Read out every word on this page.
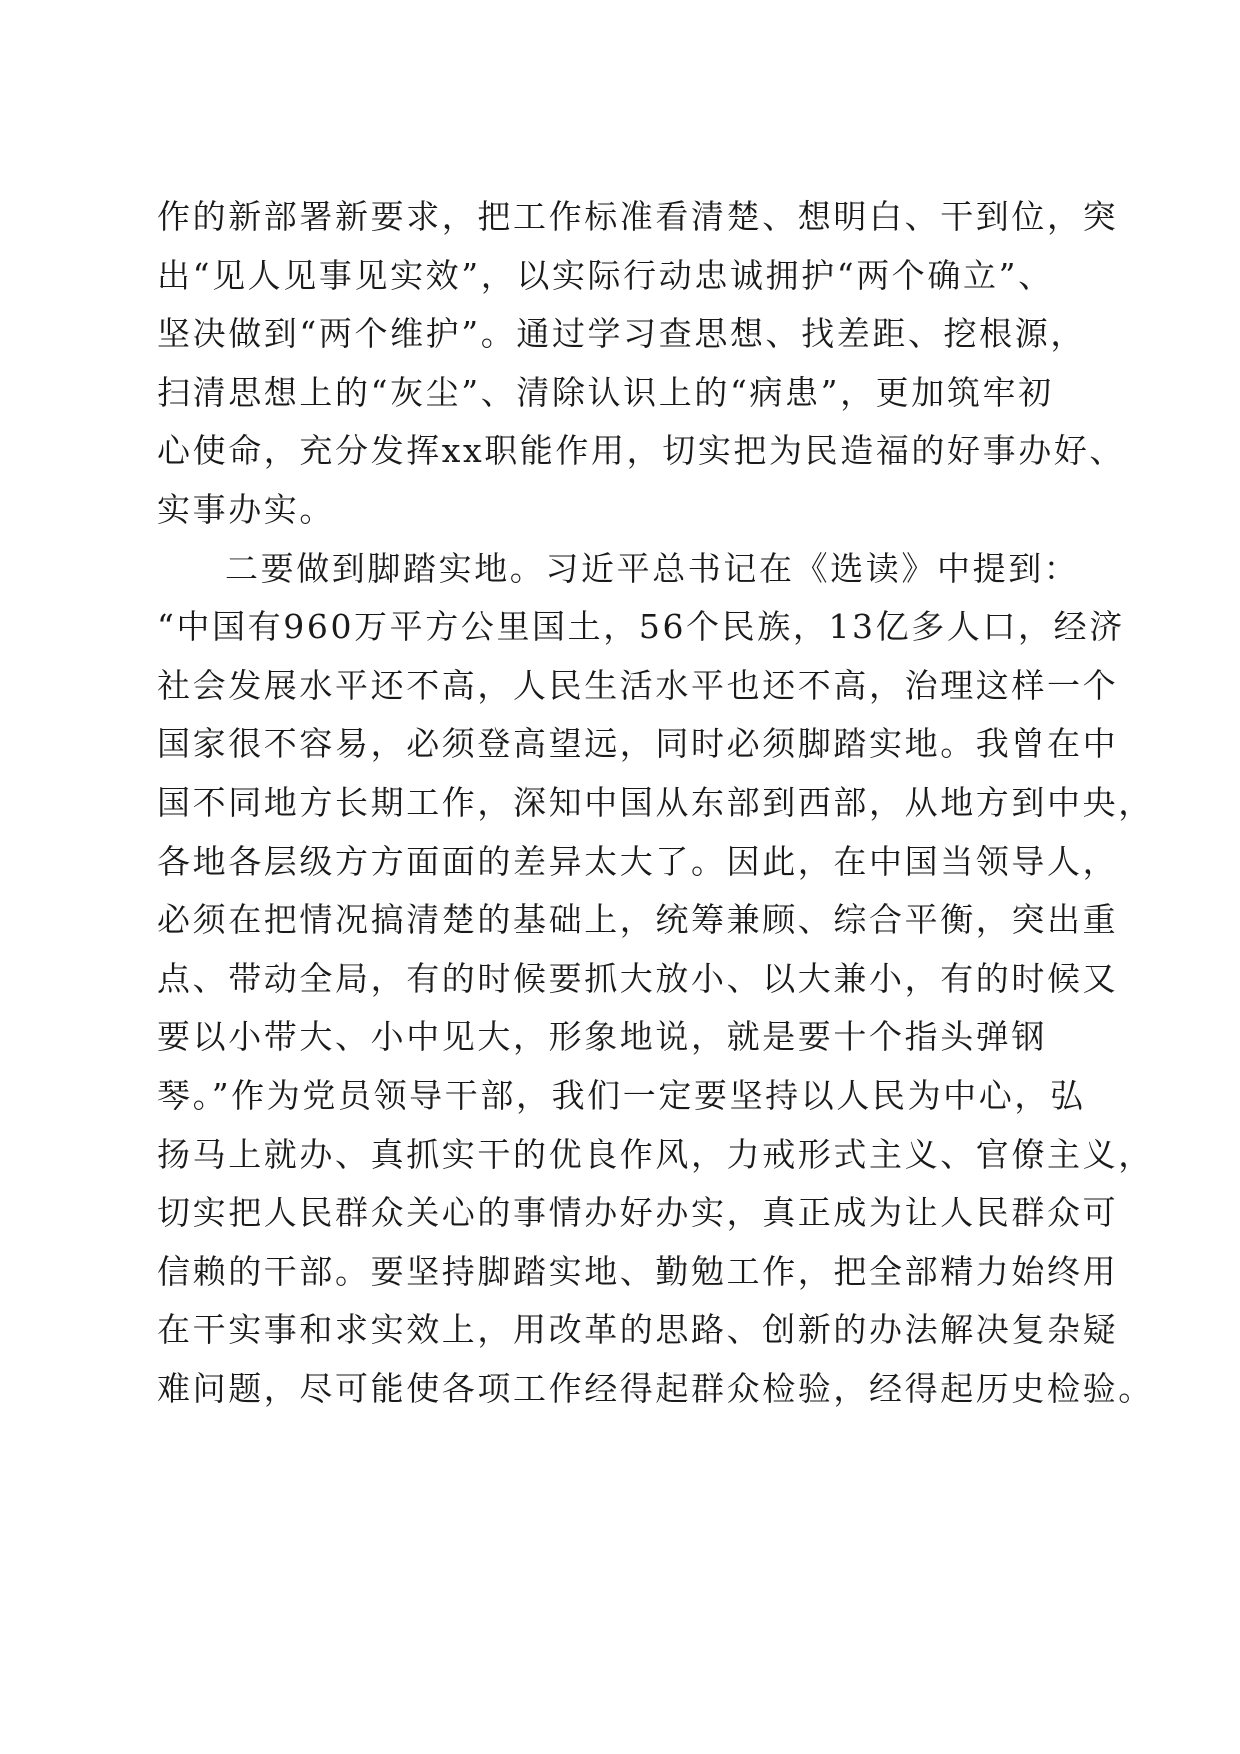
作的新部署新要求，把工作标准看清楚、想明白、干到位，突
出“见人见事见实效”，以实际行动忠诚拥护“两个确立”、
坚决做到“两个维护”。通过学习查思想、找差距、挖根源，
扫清思想上的“灰尘”、清除认识上的“病患”，更加筑牢初
心使命，充分发挥xx职能作用，切实把为民造福的好事办好、
实事办实。
二要做到脚踏实地。习近平总书记在《选读》中提到：
“中国有960万平方公里国土，56个民族，13亿多人口，经济
社会发展水平还不高，人民生活水平也还不高，治理这样一个
国家很不容易，必须登高望远，同时必须脚踏实地。我曾在中
国不同地方长期工作，深知中国从东部到西部，从地方到中央，
各地各层级方方面面的差异太大了。因此，在中国当领导人，
必须在把情况搞清楚的基础上，统筹兼顾、综合平衡，突出重
点、带动全局，有的时候要抓大放小、以大兼小，有的时候又
要以小带大、小中见大，形象地说，就是要十个指头弹钢
琴。”作为党员领导干部，我们一定要坚持以人民为中心，弘
扬马上就办、真抓实干的优良作风，力戒形式主义、官僚主义，
切实把人民群众关心的事情办好办实，真正成为让人民群众可
信赖的干部。要坚持脚踏实地、勤勉工作，把全部精力始终用
在干实事和求实效上，用改革的思路、创新的办法解决复杂疑
难问题，尽可能使各项工作经得起群众检验，经得起历史检验。
